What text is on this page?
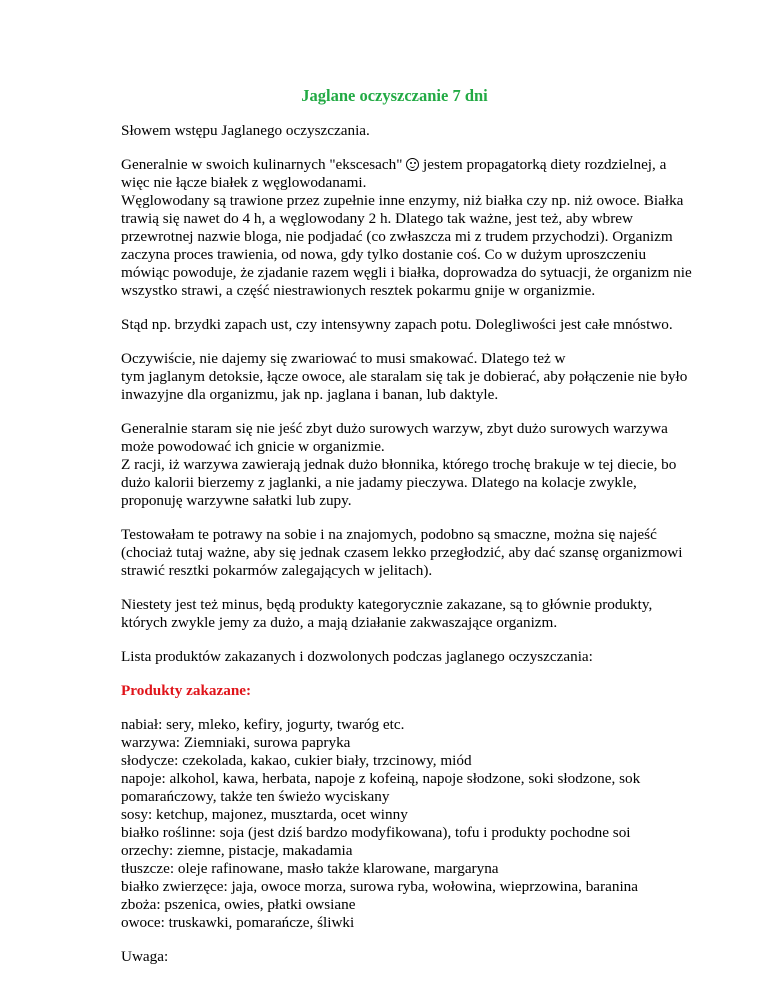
Jaglane oczyszczanie 7 dni

Słowem wstępu Jaglanego oczyszczania.

Generalnie w swoich kulinarnych "ekscesach"
jestem propagatorką diety rozdzielnej, a
więc nie łącze białek z węglowodanami.
Węglowodany są trawione przez zupełnie inne enzymy, niż białka czy np. niż owoce. Białka
trawią się nawet do 4 h, a węglowodany 2 h. Dlatego tak ważne, jest też, aby wbrew
przewrotnej nazwie bloga, nie podjadać (co zwłaszcza mi z trudem przychodzi). Organizm
zaczyna proces trawienia, od nowa, gdy tylko dostanie coś. Co w dużym uproszczeniu
mówiąc powoduje, że zjadanie razem węgli i białka, doprowadza do sytuacji, że organizm nie
wszystko strawi, a część niestrawionych resztek pokarmu gnije w organizmie.

Stąd np. brzydki zapach ust, czy intensywny zapach potu. Dolegliwości jest całe mnóstwo.

Oczywiście, nie dajemy się zwariować to musi smakować. Dlatego też w
tym jaglanym detoksie, łącze owoce, ale staralam się tak je dobierać, aby połączenie nie było
inwazyjne dla organizmu, jak np. jaglana i banan, lub daktyle.

Generalnie staram się nie jeść zbyt dużo surowych warzyw, zbyt dużo surowych warzywa
może powodować ich gnicie w organizmie.
Z racji, iż warzywa zawierają jednak dużo błonnika, którego trochę brakuje w tej diecie, bo
dużo kalorii bierzemy z jaglanki, a nie jadamy pieczywa. Dlatego na kolacje zwykle,
proponuję warzywne sałatki lub zupy.

Testowałam te potrawy na sobie i na znajomych, podobno są smaczne, można się najeść
(chociaż tutaj ważne, aby się jednak czasem lekko przegłodzić, aby dać szansę organizmowi
strawić resztki pokarmów zalegających w jelitach).

Niestety jest też minus, będą produkty kategorycznie zakazane, są to głównie produkty,
których zwykle jemy za dużo, a mają działanie zakwaszające organizm.

Lista produktów zakazanych i dozwolonych podczas jaglanego oczyszczania:

Produkty zakazane:

nabiał: sery, mleko, kefiry, jogurty, twaróg etc.
warzywa: Ziemniaki, surowa papryka
słodycze: czekolada, kakao, cukier biały, trzcinowy, miód
napoje: alkohol, kawa, herbata, napoje z kofeiną, napoje słodzone, soki słodzone, sok
pomarańczowy, także ten świeżo wyciskany
sosy: ketchup, majonez, musztarda, ocet winny
białko roślinne: soja (jest dziś bardzo modyfikowana), tofu i produkty pochodne soi
orzechy: ziemne, pistacje, makadamia
tłuszcze: oleje rafinowane, masło także klarowane, margaryna
białko zwierzęce: jaja, owoce morza, surowa ryba, wołowina, wieprzowina, baranina
zboża: pszenica, owies, płatki owsiane
owoce: truskawki, pomarańcze, śliwki

Uwaga:
